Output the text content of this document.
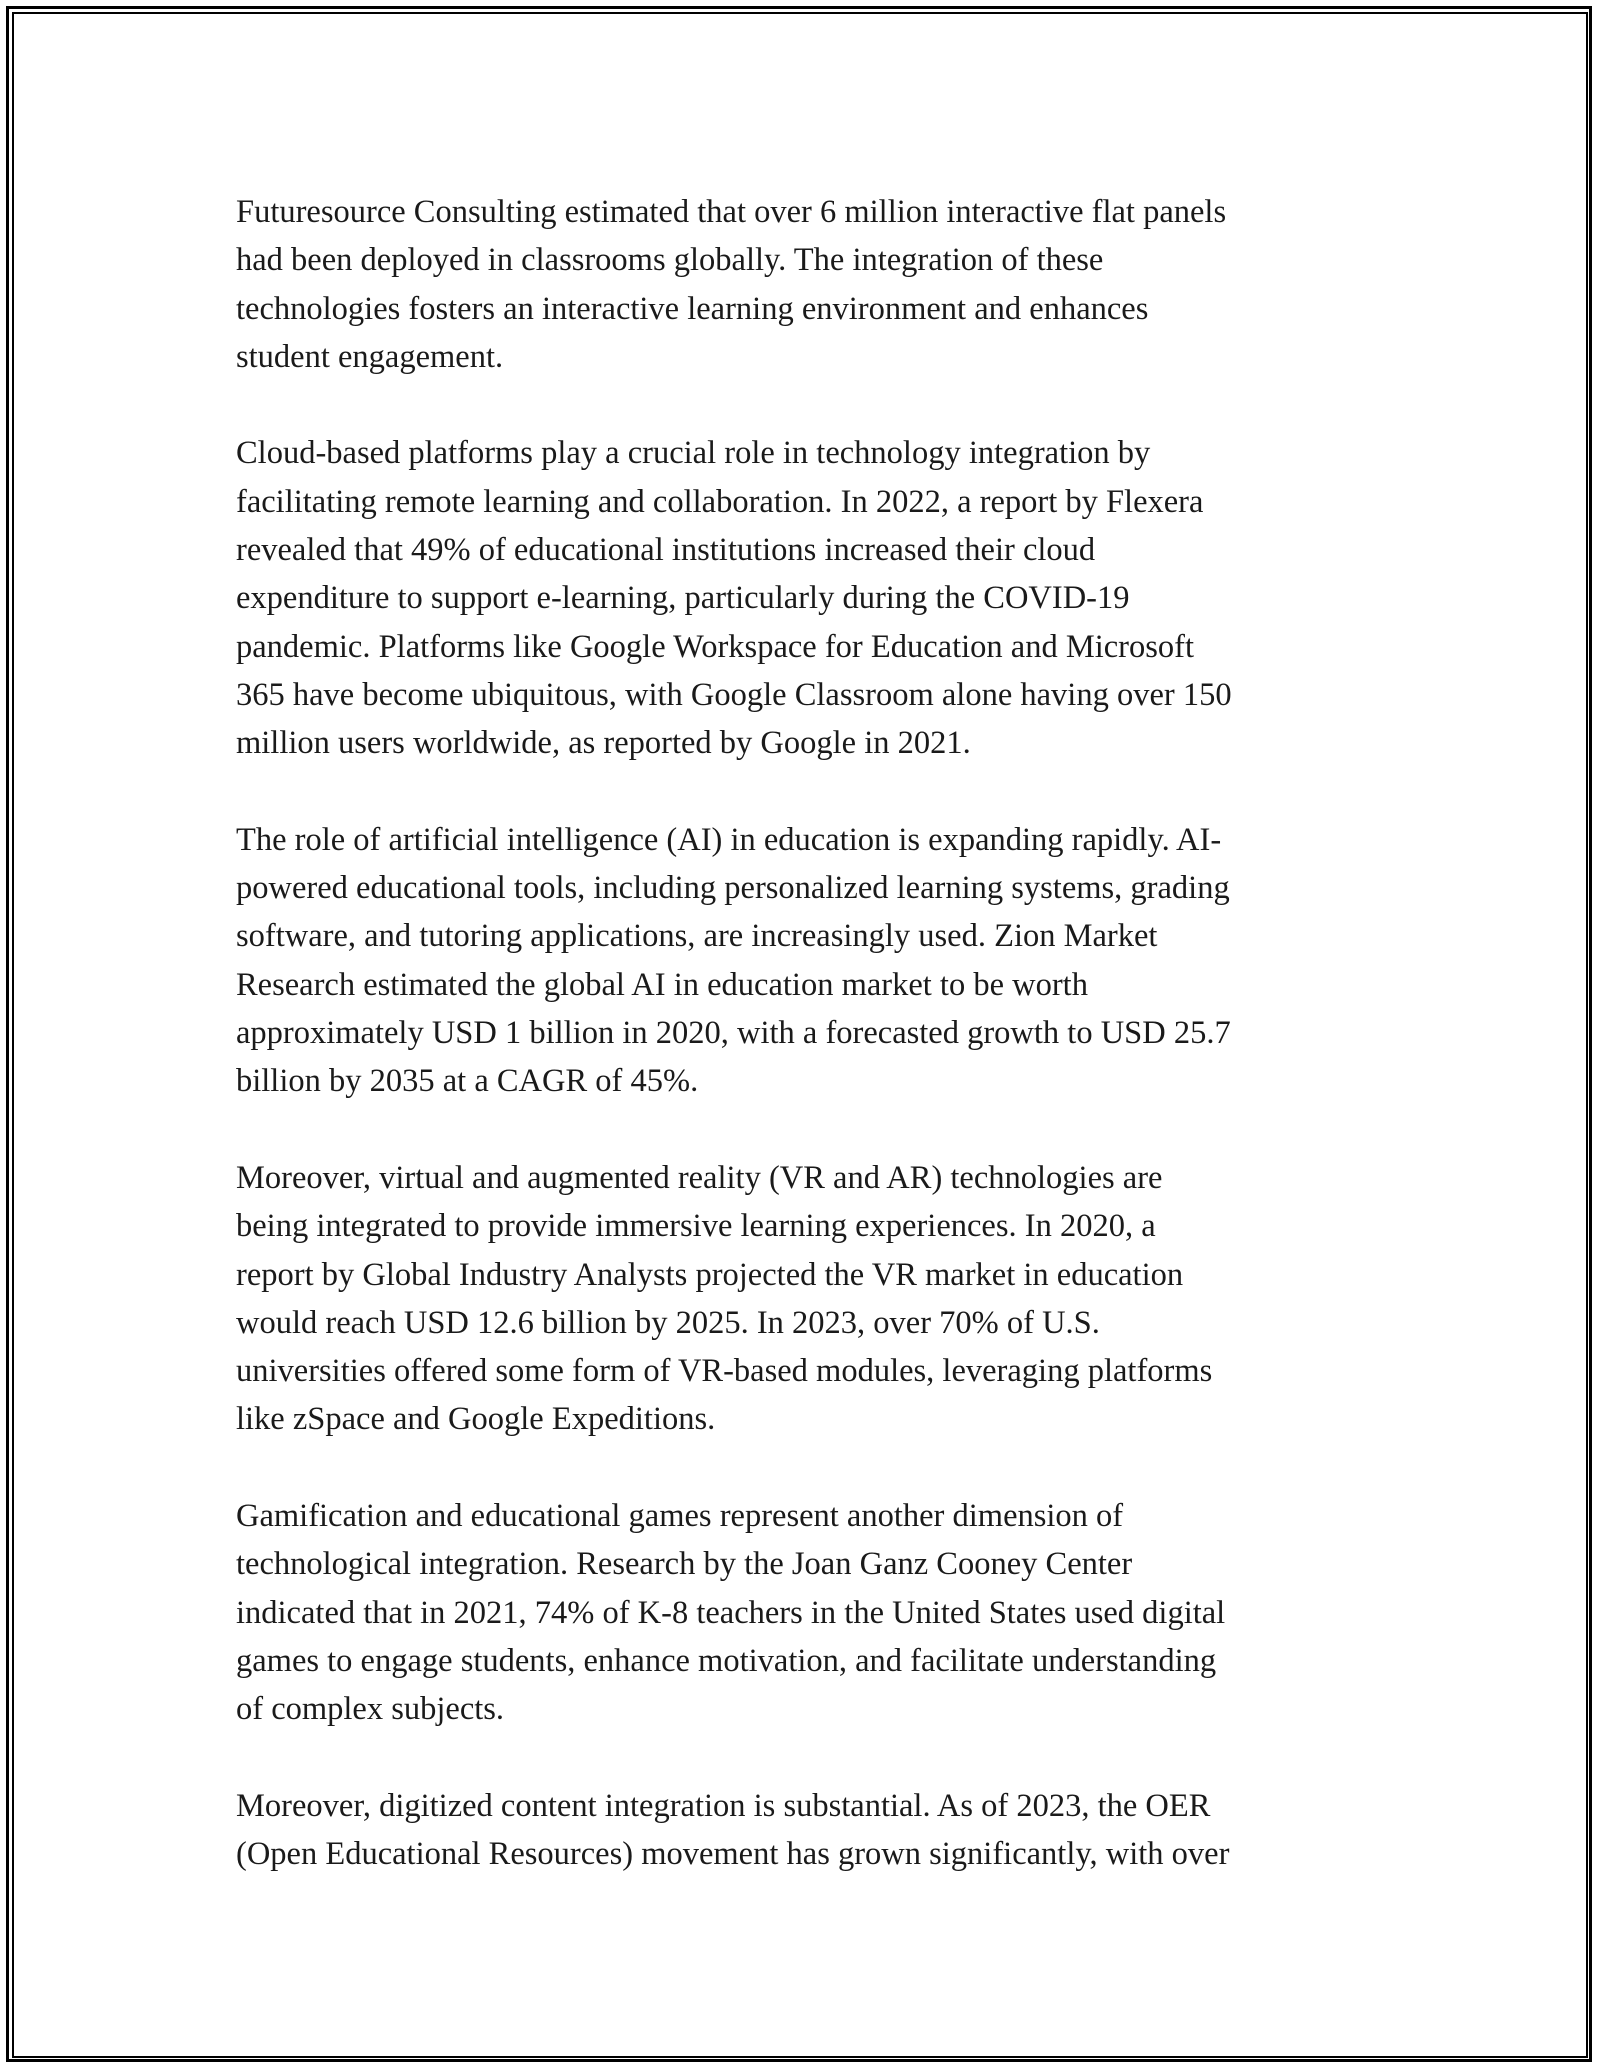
Futuresource Consulting estimated that over 6 million interactive flat panels
had been deployed in classrooms globally. The integration of these
technologies fosters an interactive learning environment and enhances
student engagement.

Cloud-based platforms play a crucial role in technology integration by
facilitating remote learning and collaboration. In 2022, a report by Flexera
revealed that 49% of educational institutions increased their cloud
expenditure to support e-learning, particularly during the COVID-19
pandemic. Platforms like Google Workspace for Education and Microsoft
365 have become ubiquitous, with Google Classroom alone having over 150
million users worldwide, as reported by Google in 2021.

The role of artificial intelligence (AI) in education is expanding rapidly. AI-
powered educational tools, including personalized learning systems, grading
software, and tutoring applications, are increasingly used. Zion Market
Research estimated the global AI in education market to be worth
approximately USD 1 billion in 2020, with a forecasted growth to USD 25.7
billion by 2035 at a CAGR of 45%.

Moreover, virtual and augmented reality (VR and AR) technologies are
being integrated to provide immersive learning experiences. In 2020, a
report by Global Industry Analysts projected the VR market in education
would reach USD 12.6 billion by 2025. In 2023, over 70% of U.S.
universities offered some form of VR-based modules, leveraging platforms
like zSpace and Google Expeditions.

Gamification and educational games represent another dimension of
technological integration. Research by the Joan Ganz Cooney Center
indicated that in 2021, 74% of K-8 teachers in the United States used digital
games to engage students, enhance motivation, and facilitate understanding
of complex subjects.

Moreover, digitized content integration is substantial. As of 2023, the OER
(Open Educational Resources) movement has grown significantly, with over
